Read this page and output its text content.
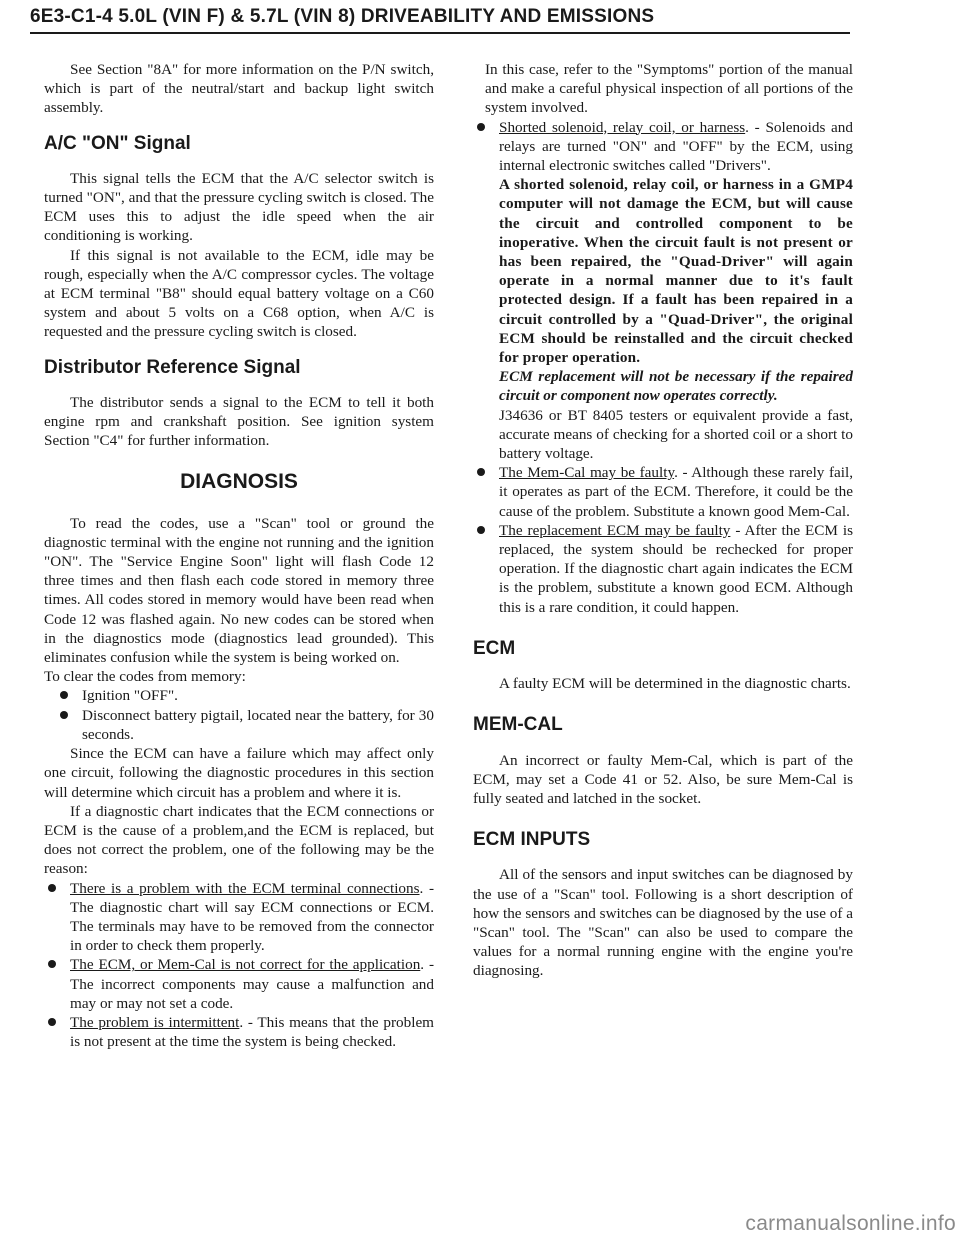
6E3-C1-4 5.0L (VIN F) & 5.7L (VIN 8) DRIVEABILITY AND EMISSIONS

See Section "8A" for more information on the P/N switch, which is part of the neutral/start and backup light switch assembly.

A/C "ON" Signal

This signal tells the ECM that the A/C selector switch is turned "ON", and that the pressure cycling switch is closed. The ECM uses this to adjust the idle speed when the air conditioning is working.

If this signal is not available to the ECM, idle may be rough, especially when the A/C compressor cycles. The voltage at ECM terminal "B8" should equal battery voltage on a C60 system and about 5 volts on a C68 option, when A/C is requested and the pressure cycling switch is closed.

Distributor Reference Signal

The distributor sends a signal to the ECM to tell it both engine rpm and crankshaft position. See ignition system Section "C4" for further information.

DIAGNOSIS

To read the codes, use a "Scan" tool or ground the diagnostic terminal with the engine not running and the ignition "ON". The "Service Engine Soon" light will flash Code 12 three times and then flash each code stored in memory three times. All codes stored in memory would have been read when Code 12 was flashed again. No new codes can be stored when in the diagnostics mode (diagnostics lead grounded). This eliminates confusion while the system is being worked on.

To clear the codes from memory:

Ignition "OFF".
Disconnect battery pigtail, located near the battery, for 30 seconds.

Since the ECM can have a failure which may affect only one circuit, following the diagnostic procedures in this section will determine which circuit has a problem and where it is.

If a diagnostic chart indicates that the ECM connections or ECM is the cause of a problem,and the ECM is replaced, but does not correct the problem, one of the following may be the reason:

There is a problem with the ECM terminal connections. - The diagnostic chart will say ECM connections or ECM. The terminals may have to be removed from the connector in order to check them properly.
The ECM, or Mem-Cal is not correct for the application. - The incorrect components may cause a malfunction and may or may not set a code.
The problem is intermittent. - This means that the problem is not present at the time the system is being checked.

In this case, refer to the "Symptoms" portion of the manual and make a careful physical inspection of all portions of the system involved.

Shorted solenoid, relay coil, or harness. - Solenoids and relays are turned "ON" and "OFF" by the ECM, using internal electronic switches called "Drivers".
A shorted solenoid, relay coil, or harness in a GMP4 computer will not damage the ECM, but will cause the circuit and controlled component to be inoperative. When the circuit fault is not present or has been repaired, the "Quad-Driver" will again operate in a normal manner due to it's fault protected design. If a fault has been repaired in a circuit controlled by a "Quad-Driver", the original ECM should be reinstalled and the circuit checked for proper operation.
ECM replacement will not be necessary if the repaired circuit or component now operates correctly.
J34636 or BT 8405 testers or equivalent provide a fast, accurate means of checking for a shorted coil or a short to battery voltage.
The Mem-Cal may be faulty. - Although these rarely fail, it operates as part of the ECM. Therefore, it could be the cause of the problem. Substitute a known good Mem-Cal.
The replacement ECM may be faulty - After the ECM is replaced, the system should be rechecked for proper operation. If the diagnostic chart again indicates the ECM is the problem, substitute a known good ECM. Although this is a rare condition, it could happen.
ECM

A faulty ECM will be determined in the diagnostic charts.

MEM-CAL

An incorrect or faulty Mem-Cal, which is part of the ECM, may set a Code 41 or 52. Also, be sure Mem-Cal is fully seated and latched in the socket.

ECM INPUTS

All of the sensors and input switches can be diagnosed by the use of a "Scan" tool. Following is a short description of how the sensors and switches can be diagnosed by the use of a "Scan" tool. The "Scan" can also be used to compare the values for a normal running engine with the engine you're diagnosing.

carmanualsonline.info
